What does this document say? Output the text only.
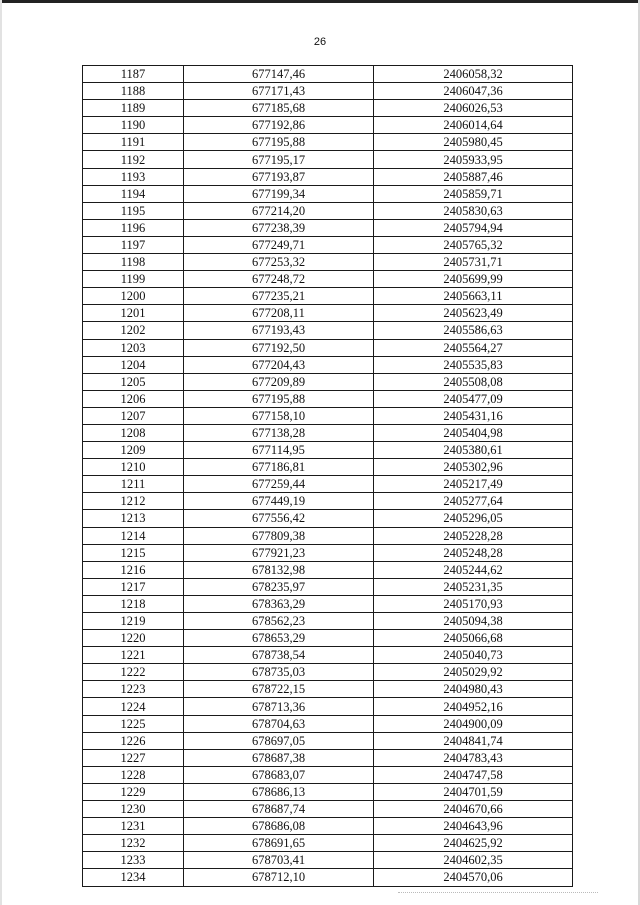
26
1187	677147,46	2406058,32
1188	677171,43	2406047,36
1189	677185,68	2406026,53
1190	677192,86	2406014,64
1191	677195,88	2405980,45
1192	677195,17	2405933,95
1193	677193,87	2405887,46
1194	677199,34	2405859,71
1195	677214,20	2405830,63
1196	677238,39	2405794,94
1197	677249,71	2405765,32
1198	677253,32	2405731,71
1199	677248,72	2405699,99
1200	677235,21	2405663,11
1201	677208,11	2405623,49
1202	677193,43	2405586,63
1203	677192,50	2405564,27
1204	677204,43	2405535,83
1205	677209,89	2405508,08
1206	677195,88	2405477,09
1207	677158,10	2405431,16
1208	677138,28	2405404,98
1209	677114,95	2405380,61
1210	677186,81	2405302,96
1211	677259,44	2405217,49
1212	677449,19	2405277,64
1213	677556,42	2405296,05
1214	677809,38	2405228,28
1215	677921,23	2405248,28
1216	678132,98	2405244,62
1217	678235,97	2405231,35
1218	678363,29	2405170,93
1219	678562,23	2405094,38
1220	678653,29	2405066,68
1221	678738,54	2405040,73
1222	678735,03	2405029,92
1223	678722,15	2404980,43
1224	678713,36	2404952,16
1225	678704,63	2404900,09
1226	678697,05	2404841,74
1227	678687,38	2404783,43
1228	678683,07	2404747,58
1229	678686,13	2404701,59
1230	678687,74	2404670,66
1231	678686,08	2404643,96
1232	678691,65	2404625,92
1233	678703,41	2404602,35
1234	678712,10	2404570,06
